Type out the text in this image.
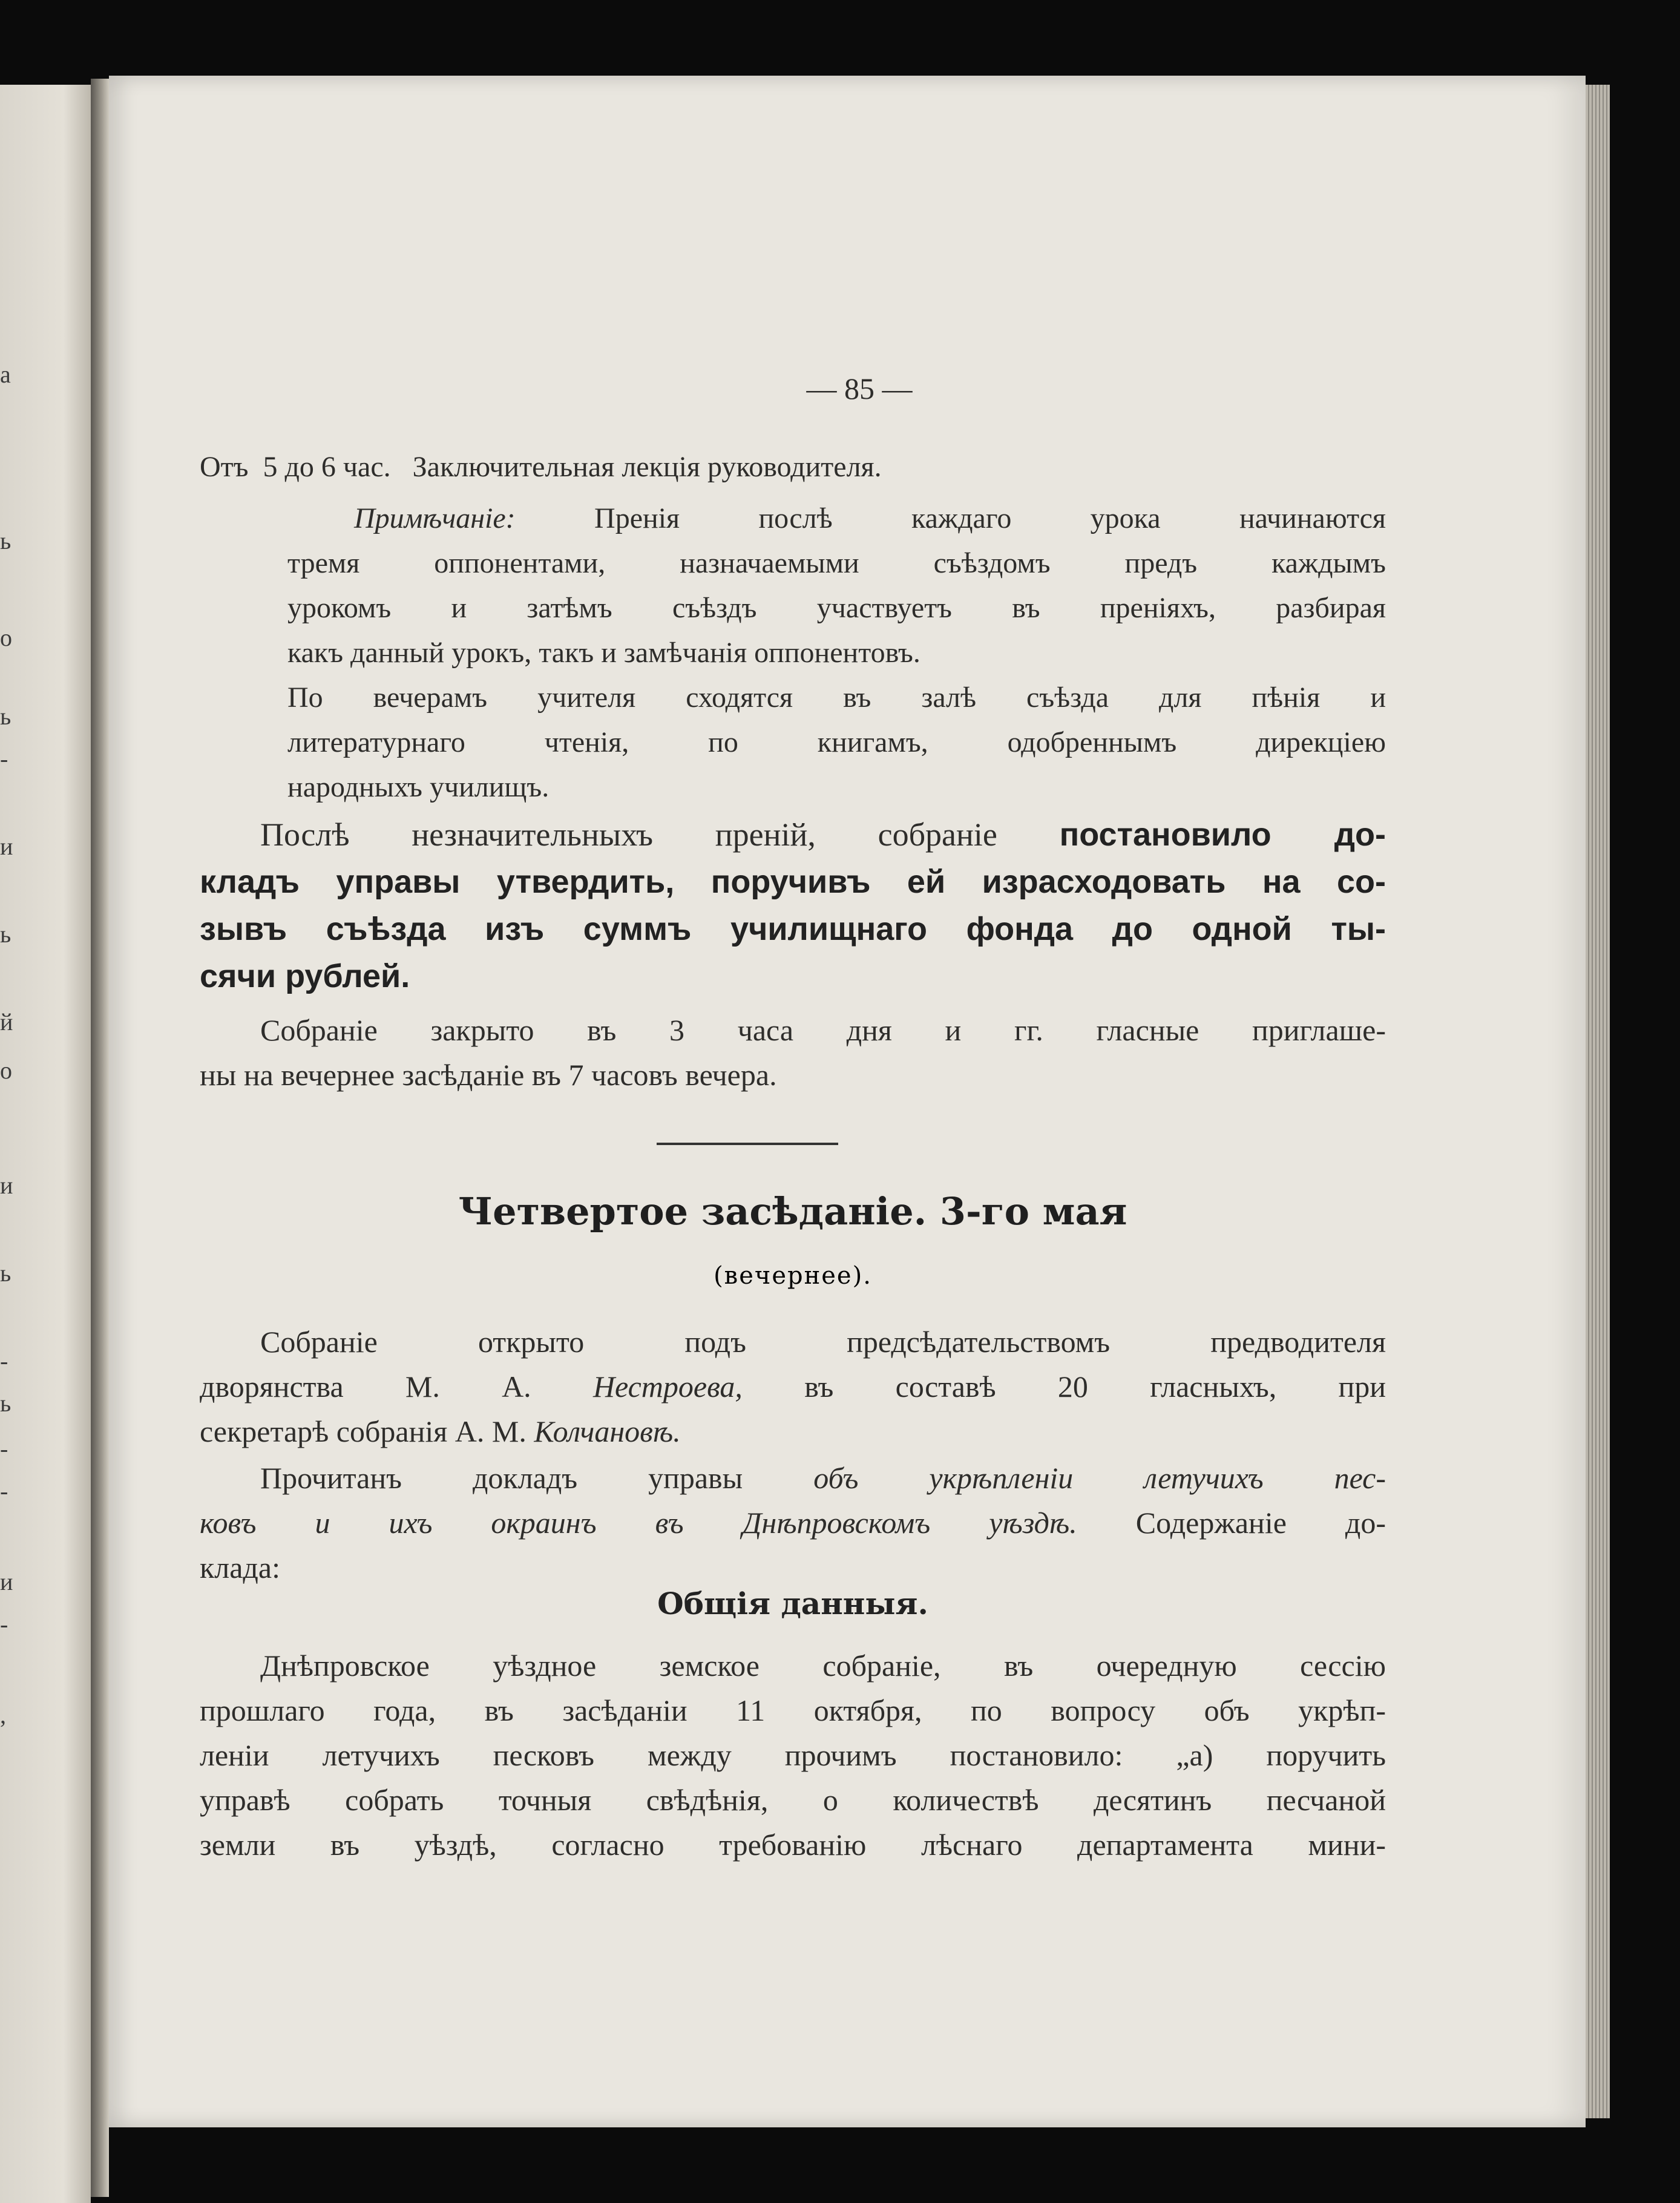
а
ь
о
ь
-
и
ь
й
о
и
ь
-
ь
-
-
и
-
,
— 85 —
Отъ  5 до 6 час.   Заключительная лекція руководителя.
Примѣчаніе:	Пренія послѣ каждаго урока начинаются
тремя оппонентами, назначаемыми съѣздомъ предъ каждымъ
урокомъ и затѣмъ съѣздъ участвуетъ въ преніяхъ, разбирая
какъ данный урокъ, такъ и замѣчанія оппонентовъ.
По вечерамъ учителя сходятся въ залѣ съѣзда для пѣнія и
литературнаго чтенія, по книгамъ, одобреннымъ дирекціею
народныхъ училищъ.
Послѣ незначительныхъ преній, собраніе постановило до-
кладъ управы утвердить, поручивъ ей израсходовать на со-
зывъ съѣзда изъ суммъ училищнаго фонда до одной ты-
сячи рублей.
Собраніе закрыто въ 3 часа дня и гг. гласные приглаше-
ны на вечернее засѣданіе въ 7 часовъ вечера.
Четвертое засѣданіе. 3-го мая
(вечернее).
Собраніе открыто подъ предсѣдательствомъ предводителя
дворянства М. А. Нестроева, въ составѣ 20 гласныхъ, при
секретарѣ собранія А. М. Колчановѣ.
Прочитанъ докладъ управы объ укрѣпленіи летучихъ пес-
ковъ и ихъ окраинъ въ Днѣпровскомъ уѣздѣ. Содержаніе до-
клада:
Общія данныя.
Днѣпровское уѣздное земское собраніе, въ очередную сессію
прошлаго года, въ засѣданіи 11 октября, по вопросу объ укрѣп-
леніи летучихъ песковъ между прочимъ постановило: „а) поручить
управѣ собрать точныя свѣдѣнія, о количествѣ десятинъ песчаной
земли въ уѣздѣ, согласно требованію лѣснаго департамента мини-
